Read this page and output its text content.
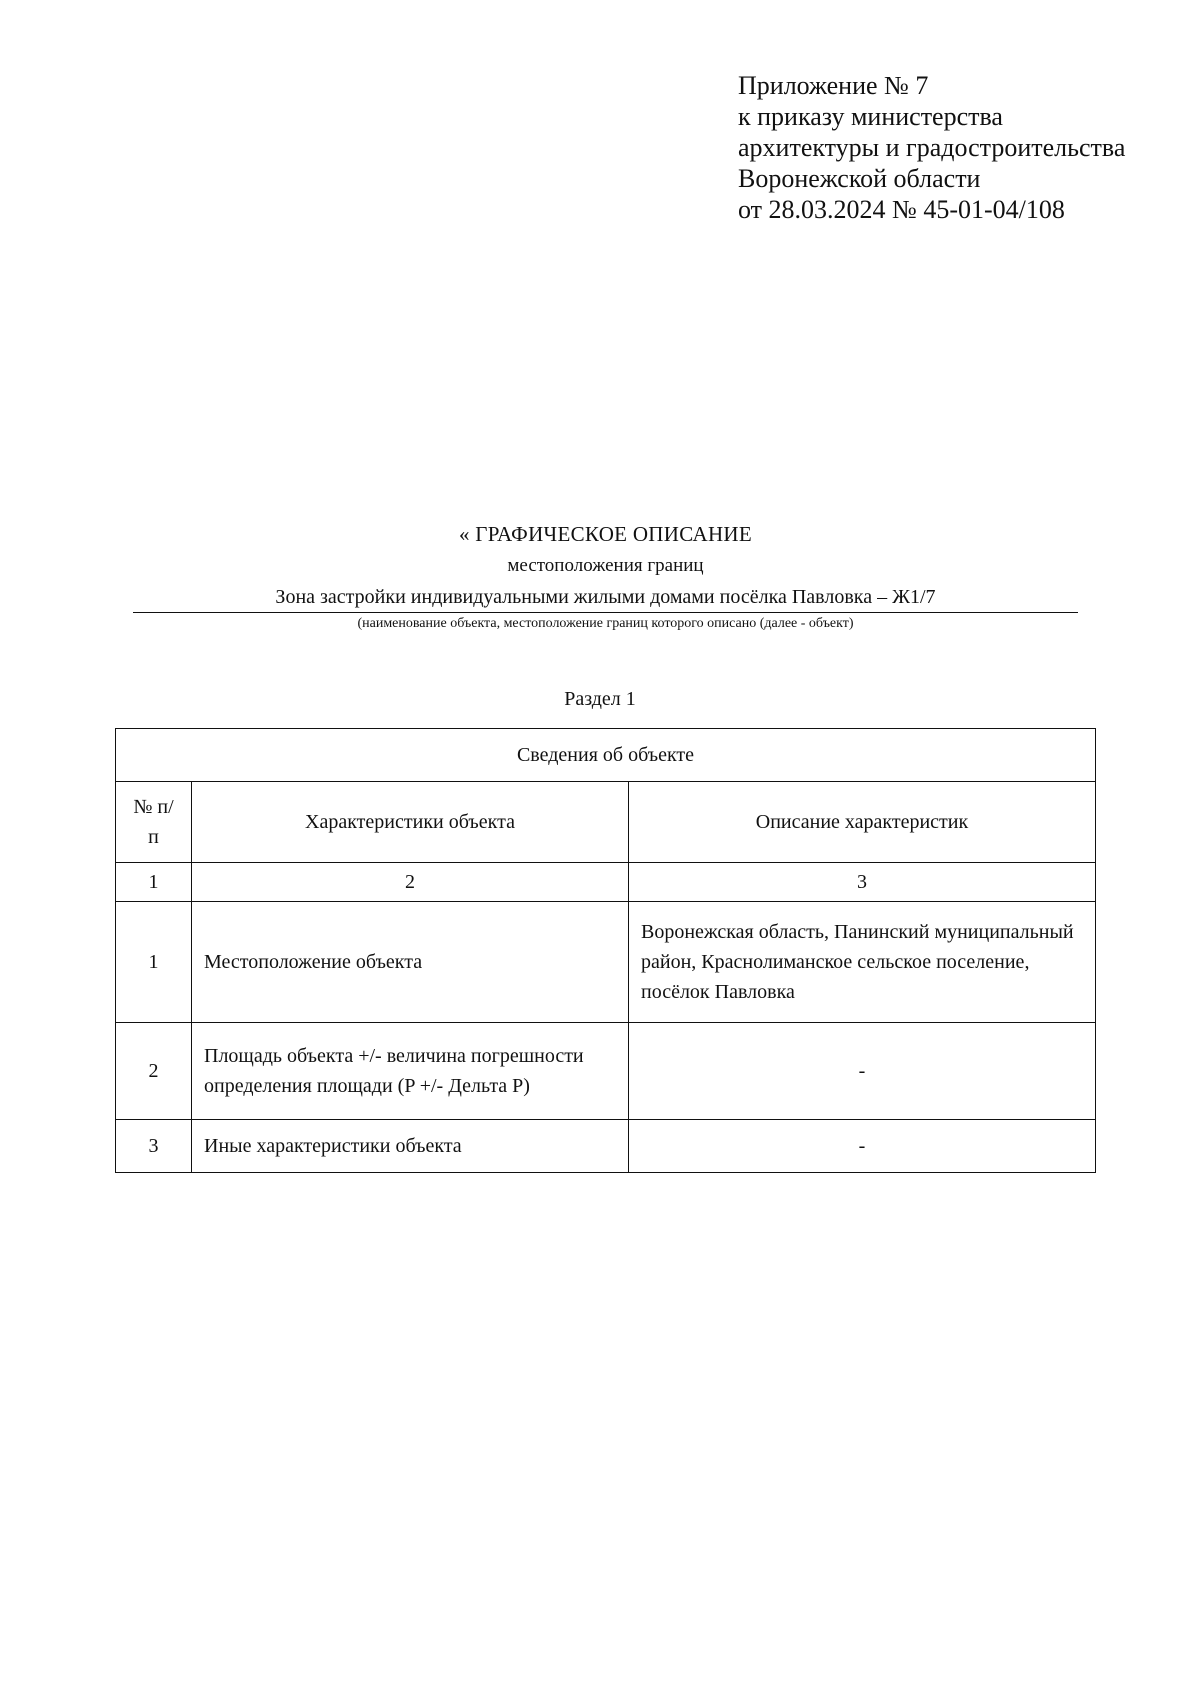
Приложение № 7
к приказу министерства
архитектуры и градостроительства
Воронежской области
от 28.03.2024 № 45-01-04/108
« ГРАФИЧЕСКОЕ ОПИСАНИЕ
местоположения границ
Зона застройки индивидуальными жилыми домами посёлка Павловка – Ж1/7
(наименование объекта, местоположение границ которого описано (далее - объект)
Раздел 1
Сведения об объекте		
№ п/п	Характеристики объекта	Описание характеристик
1	2	3
1	Местоположение объекта	Воронежская область, Панинский муниципальный район, Краснолиманское сельское поселение, посёлок Павловка
2	Площадь объекта +/- величина погрешности определения площади (P +/- Дельта P)	-
3	Иные характеристики объекта	-
